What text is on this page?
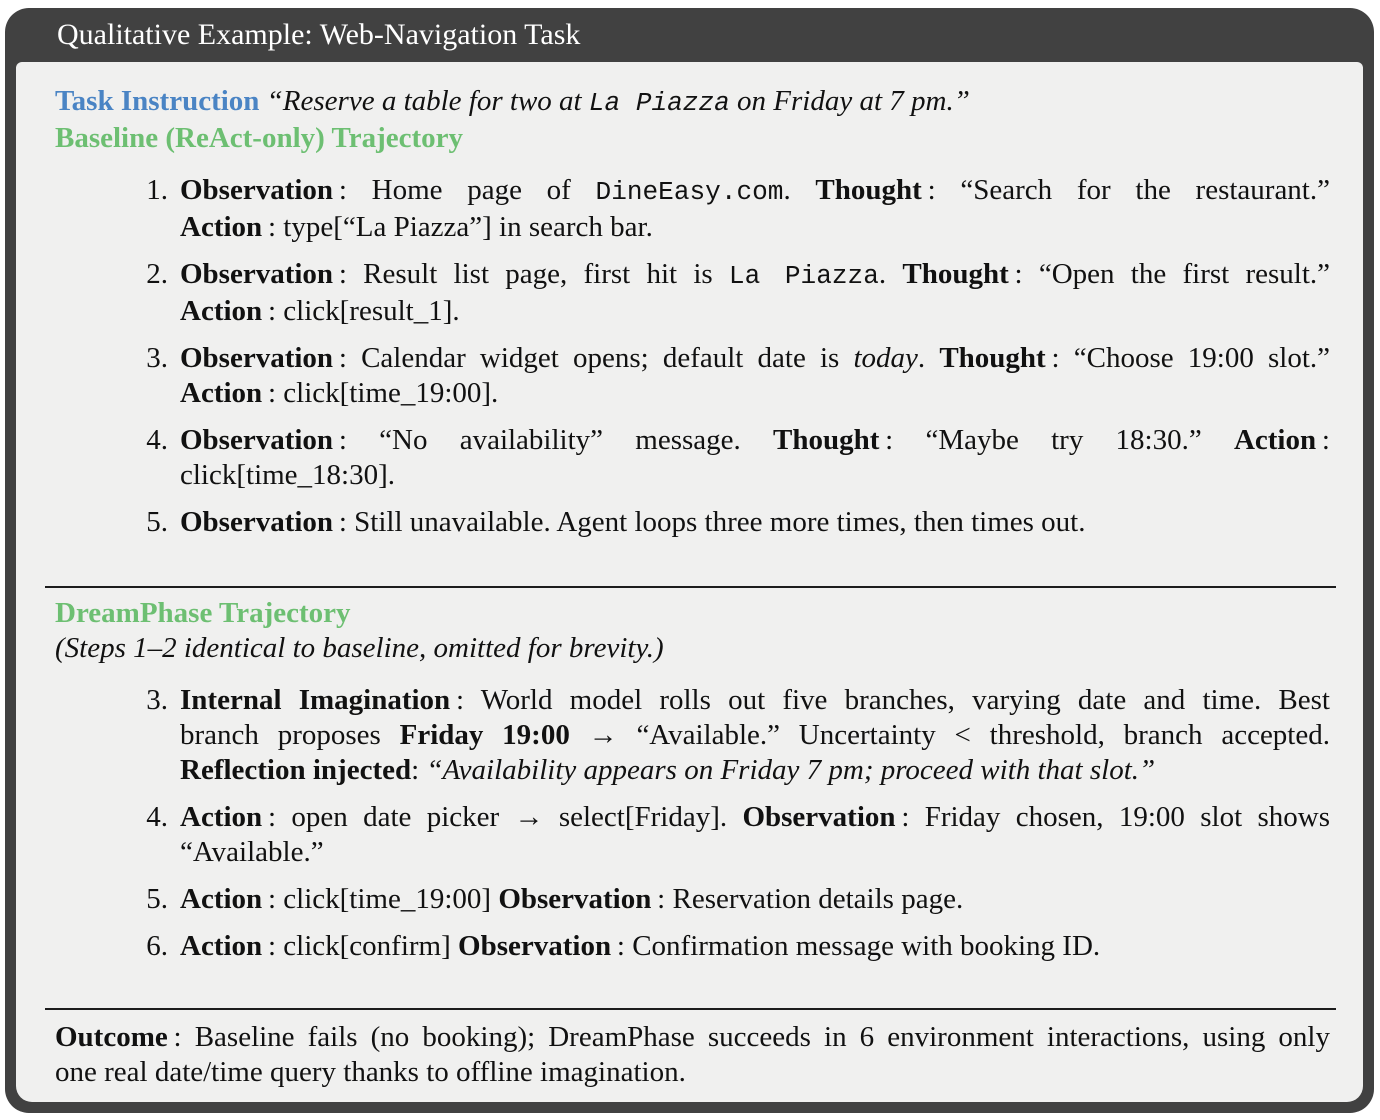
Qualitative Example: Web-Navigation Task

Task Instruction “Reserve a table for two at La Piazza on Friday at 7 pm.”

Baseline (ReAct-only) Trajectory

1. Observation : Home page of DineEasy.com. Thought : “Search for the restaurant.”
Action : type[“La Piazza”] in search bar.
2. Observation : Result list page, first hit is La Piazza. Thought : “Open the first result.”
Action : click[result_1].
3. Observation : Calendar widget opens; default date is today. Thought : “Choose 19:00 slot.”
Action : click[time_19:00].
4. Observation : “No availability” message. Thought : “Maybe try 18:30.” Action :
click[time_18:30].
5. Observation : Still unavailable. Agent loops three more times, then times out.

DreamPhase Trajectory

(Steps 1–2 identical to baseline, omitted for brevity.)

3. Internal Imagination : World model rolls out five branches, varying date and time. Best
branch proposes Friday 19:00 → “Available.” Uncertainty < threshold, branch accepted.
Reflection injected: “Availability appears on Friday 7 pm; proceed with that slot.”
4. Action : open date picker → select[Friday]. Observation : Friday chosen, 19:00 slot shows
“Available.”
5. Action : click[time_19:00] Observation : Reservation details page.
6. Action : click[confirm] Observation : Confirmation message with booking ID.
Outcome : Baseline fails (no booking); DreamPhase succeeds in 6 environment interactions, using only
one real date/time query thanks to offline imagination.
